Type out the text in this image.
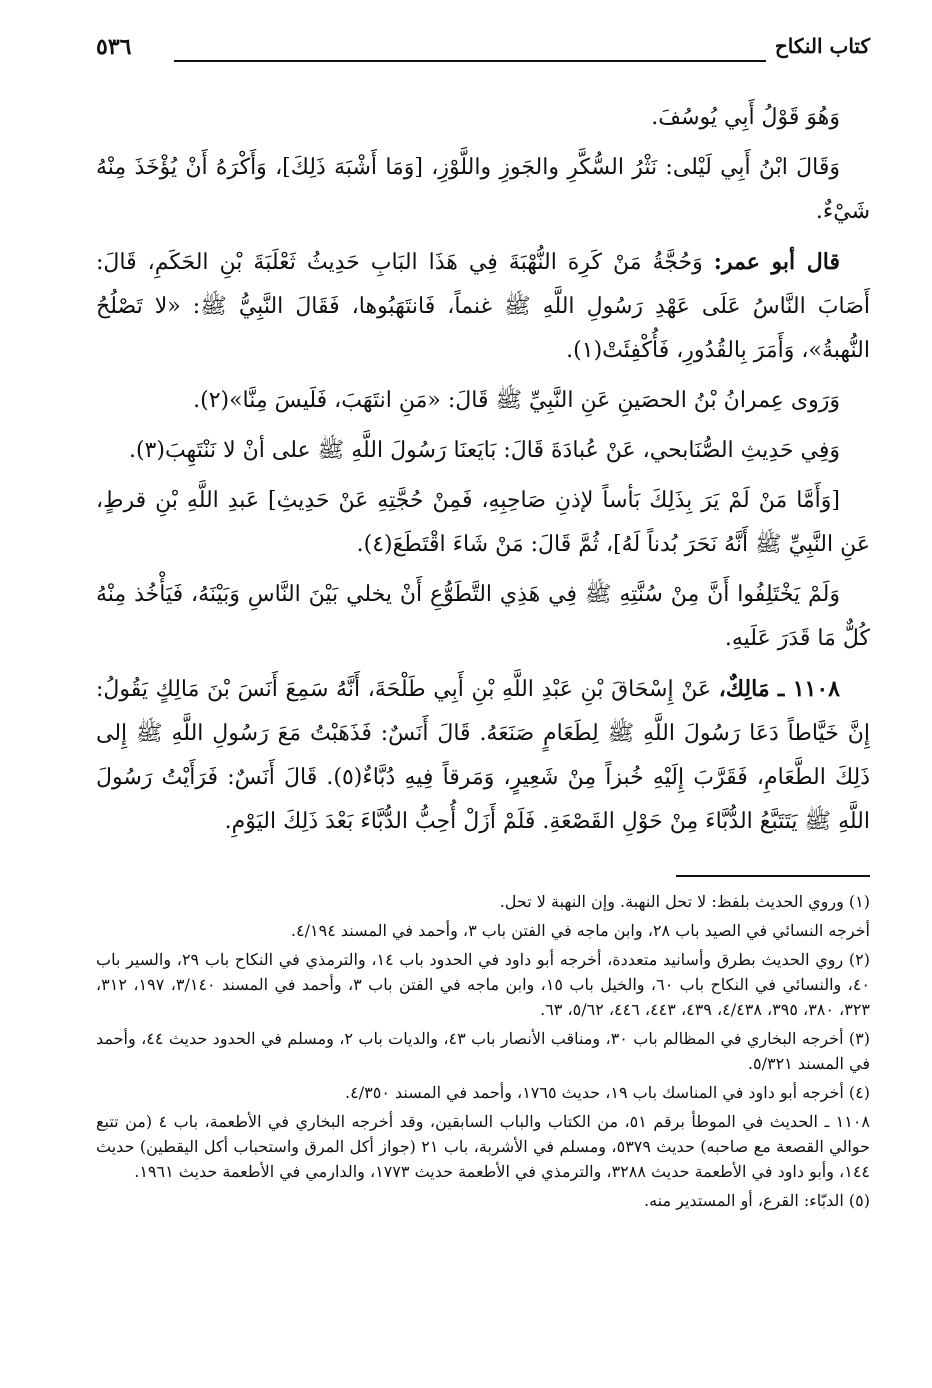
كتاب النكاح
٥٣٦

وَهُوَ قَوْلُ أَبِي يُوسُفَ.

وَقَالَ ابْنُ أَبِي لَيْلى: نَثْرُ السُّكَّرِ والجَوزِ واللَّوْزِ، [وَمَا أَشْبَهَ ذَلِكَ]، وَأَكْرَهُ أَنْ يُؤْخَذَ مِنْهُ شَيْءٌ.

قال أبو عمر: وَحُجَّةُ مَنْ كَرِهَ النُّهْبَةَ فِي هَذَا البَابِ حَدِيثُ ثَعْلَبَةَ بْنِ الحَكَمِ، قَالَ: أَصَابَ النَّاسُ عَلَى عَهْدِ رَسُولِ اللَّهِ ﷺ غنماً، فَانتَهَبُوها، فَقَالَ النَّبِيُّ ﷺ: «لا تَصْلُحُ النُّهبةُ»، وَأَمَرَ بِالقُدُورِ، فَأُكْفِئَتْ(١).

وَرَوى عِمرانُ بْنُ الحصَينِ عَنِ النَّبِيِّ ﷺ قَالَ: «مَنِ انتَهَبَ، فَلَيسَ مِنَّا»(٢).

وَفِي حَدِيثِ الصُّنَابحي، عَنْ عُبادَةَ قَالَ: بَايَعنَا رَسُولَ اللَّهِ ﷺ على أنْ لا نَنْتَهِبَ(٣).

[وَأَمَّا مَنْ لَمْ يَرَ بِذَلِكَ بَأساً لإذنِ صَاحِبِهِ، فَمِنْ حُجَّتِهِ عَنْ حَدِيثِ] عَبدِ اللَّهِ بْنِ قرطٍ، عَنِ النَّبِيِّ ﷺ أَنَّهُ نَحَرَ بُدناً لَهُ]، ثُمَّ قَالَ: مَنْ شَاءَ اقْتَطَعَ(٤).

وَلَمْ يَخْتَلِفُوا أَنَّ مِنْ سُنَّتِهِ ﷺ فِي هَذِي التَّطَوُّعِ أَنْ يخلي بَيْنَ النَّاسِ وَبَيْنَهُ، فَيَأْخُذ مِنْهُ كُلٌّ مَا قَدَرَ عَلَيهِ.

١١٠٨ ـ مَالِكٌ، عَنْ إِسْحَاقَ بْنِ عَبْدِ اللَّهِ بْنِ أَبِي طَلْحَةَ، أَنَّهُ سَمِعَ أَنَسَ بْنَ مَالِكٍ يَقُولُ: إِنَّ خَيَّاطاً دَعَا رَسُولَ اللَّهِ ﷺ لِطَعَامٍ صَنَعَهُ. قَالَ أَنَسٌ: فَذَهَبْتُ مَعَ رَسُولِ اللَّهِ ﷺ إِلى ذَلِكَ الطَّعَامِ، فَقَرَّبَ إِلَيْهِ خُبزاً مِنْ شَعِيرٍ، وَمَرقاً فِيهِ دُبَّاءٌ(٥). قَالَ أَنَسٌ: فَرَأَيْتُ رَسُولَ اللَّهِ ﷺ يَتَتَبَّعُ الدُّبَّاءَ مِنْ حَوْلِ القَصْعَةِ. فَلَمْ أَزَلْ أُحِبُّ الدُّبَّاءَ بَعْدَ ذَلِكَ اليَوْمِ.

(١) وروي الحديث بلفظ: لا تحل النهبة. وإن النهبة لا تحل.

أخرجه النسائي في الصيد باب ٢٨، وابن ماجه في الفتن باب ٣، وأحمد في المسند ٤/١٩٤.

(٢) روي الحديث بطرق وأسانيد متعددة، أخرجه أبو داود في الحدود باب ١٤، والترمذي في النكاح باب ٢٩، والسير باب ٤٠، والنسائي في النكاح باب ٦٠، والخيل باب ١٥، وابن ماجه في الفتن باب ٣، وأحمد في المسند ٣/١٤٠، ١٩٧، ٣١٢، ٣٢٣، ٣٨٠، ٣٩٥، ٤/٤٣٨، ٤٣٩، ٤٤٣، ٤٤٦، ٥/٦٢، ٦٣.

(٣) أخرجه البخاري في المظالم باب ٣٠، ومناقب الأنصار باب ٤٣، والديات باب ٢، ومسلم في الحدود حديث ٤٤، وأحمد في المسند ٥/٣٢١.

(٤) أخرجه أبو داود في المناسك باب ١٩، حديث ١٧٦٥، وأحمد في المسند ٤/٣٥٠.

١١٠٨ ـ الحديث في الموطأ برقم ٥١، من الكتاب والباب السابقين، وقد أخرجه البخاري في الأطعمة، باب ٤ (من تتبع حوالي القصعة مع صاحبه) حديث ٥٣٧٩، ومسلم في الأشربة، باب ٢١ (جواز أكل المرق واستحباب أكل اليقطين) حديث ١٤٤، وأبو داود في الأطعمة حديث ٣٢٨٨، والترمذي في الأطعمة حديث ١٧٧٣، والدارمي في الأطعمة حديث ١٩٦١.

(٥) الدبّاء: القرع، أو المستدير منه.
